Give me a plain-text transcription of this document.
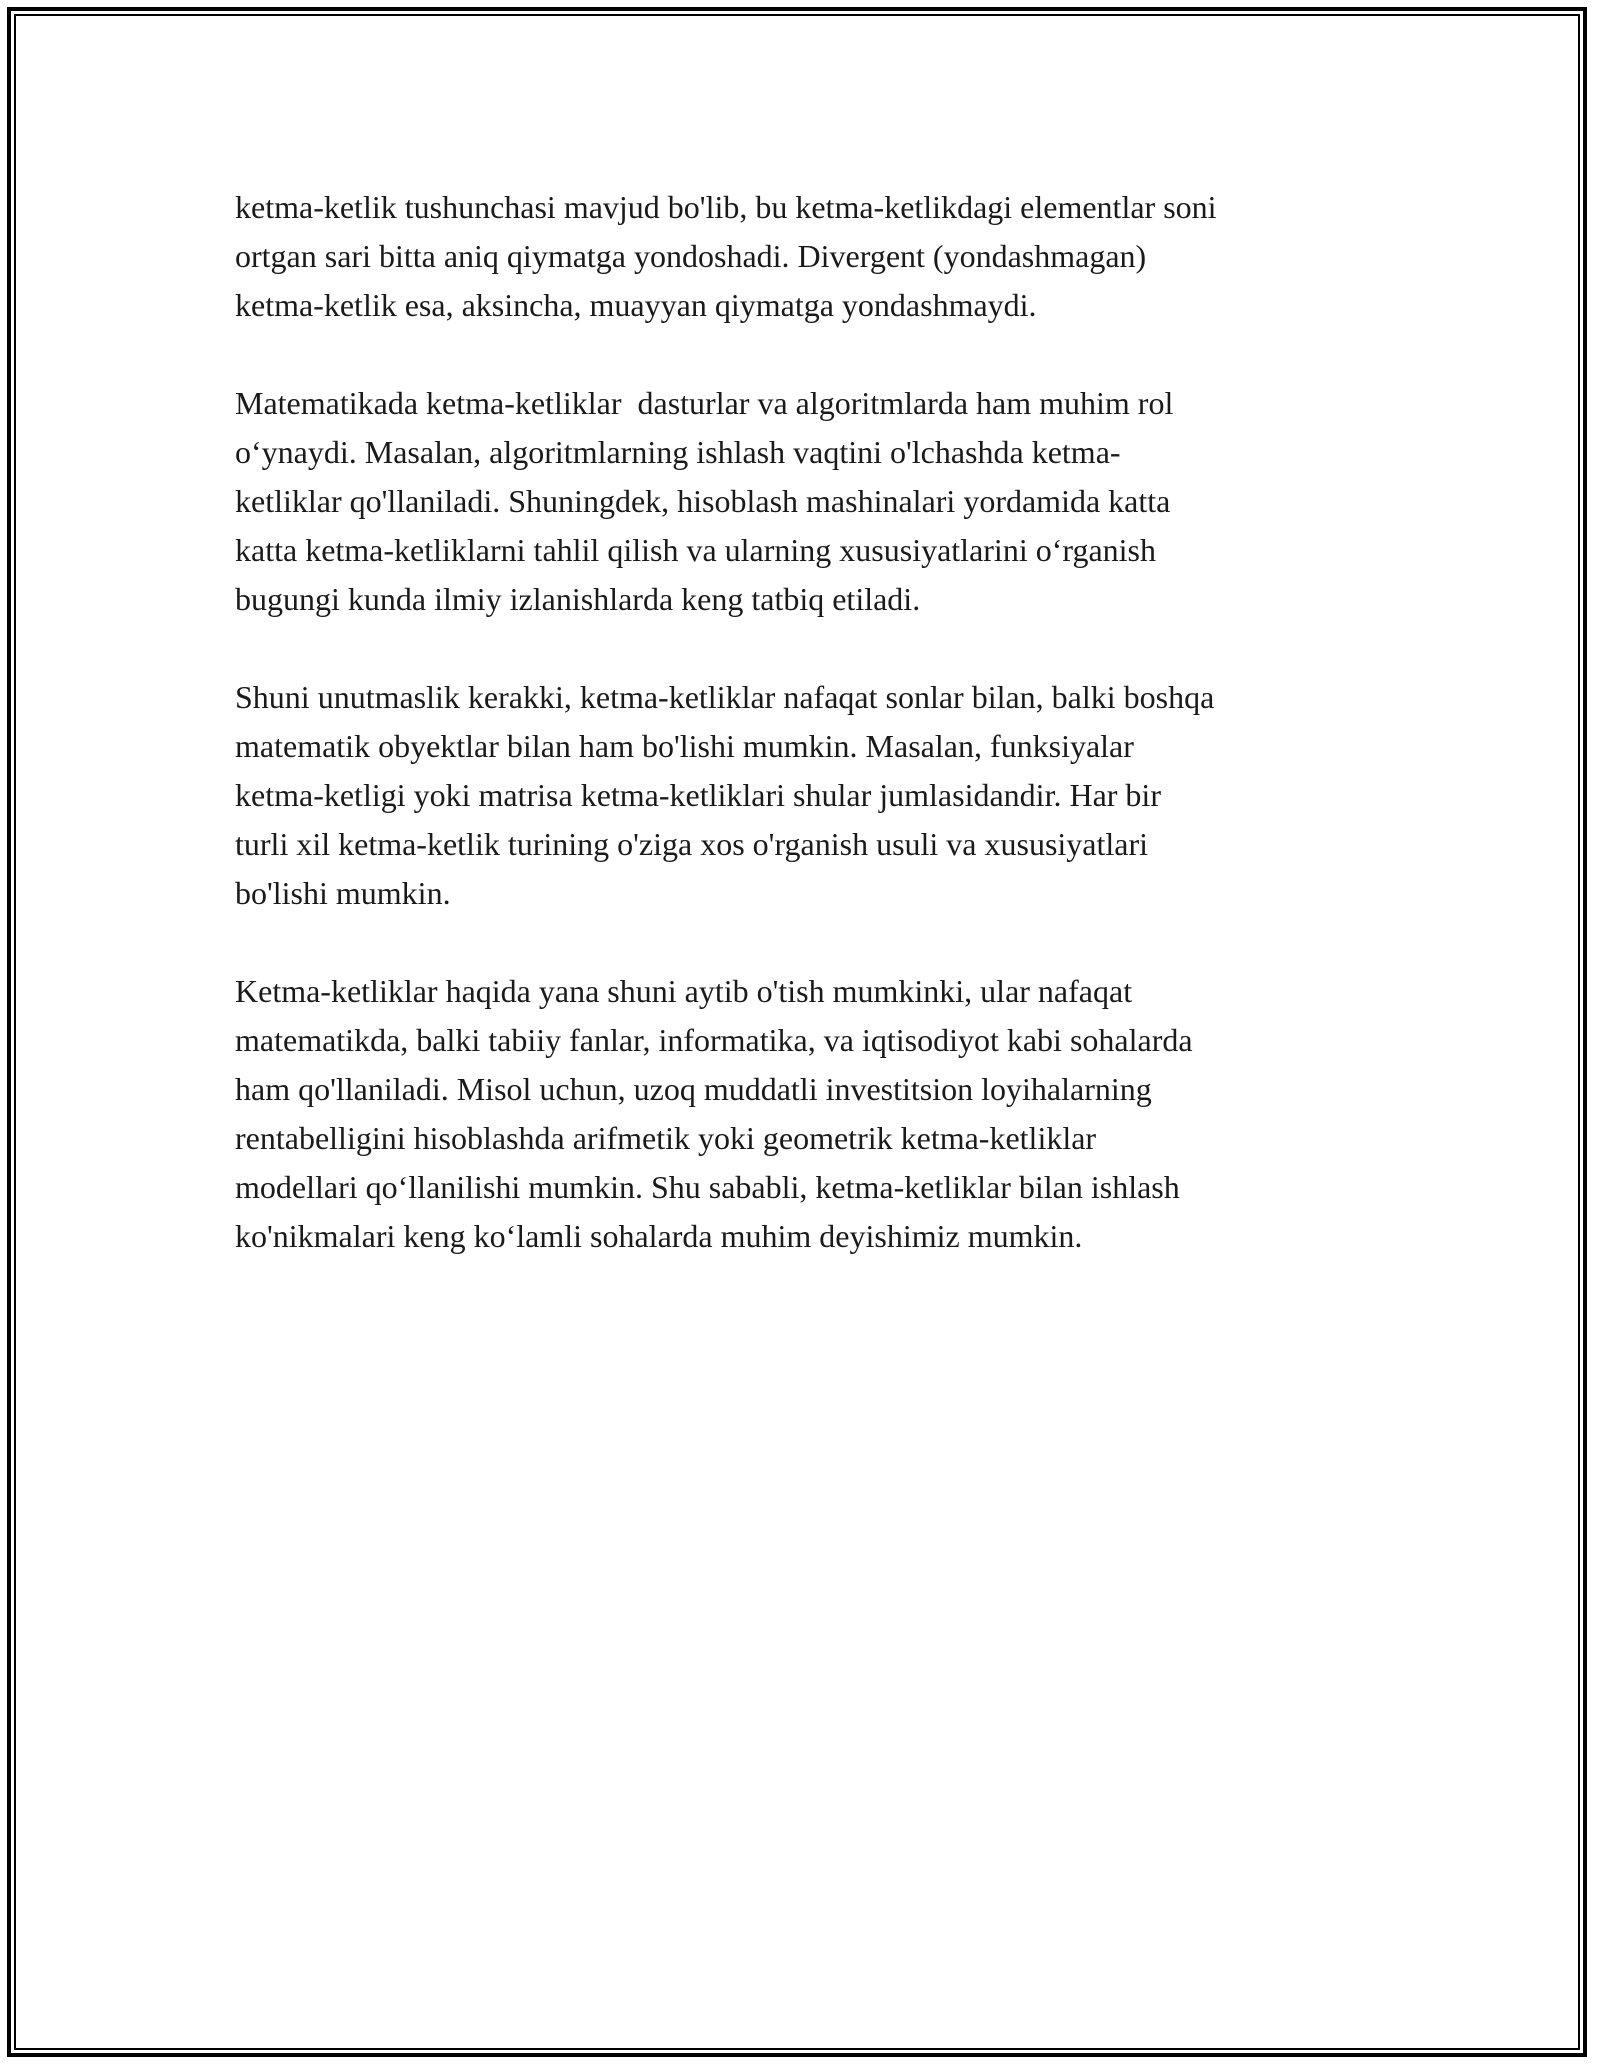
ketma-ketlik tushunchasi mavjud bo'lib, bu ketma-ketlikdagi elementlar soni
ortgan sari bitta aniq qiymatga yondoshadi. Divergent (yondashmagan)
ketma-ketlik esa, aksincha, muayyan qiymatga yondashmaydi.

Matematikada ketma-ketliklar  dasturlar va algoritmlarda ham muhim rol
o‘ynaydi. Masalan, algoritmlarning ishlash vaqtini o'lchashda ketma-
ketliklar qo'llaniladi. Shuningdek, hisoblash mashinalari yordamida katta
katta ketma-ketliklarni tahlil qilish va ularning xususiyatlarini o‘rganish
bugungi kunda ilmiy izlanishlarda keng tatbiq etiladi.

Shuni unutmaslik kerakki, ketma-ketliklar nafaqat sonlar bilan, balki boshqa
matematik obyektlar bilan ham bo'lishi mumkin. Masalan, funksiyalar
ketma-ketligi yoki matrisa ketma-ketliklari shular jumlasidandir. Har bir
turli xil ketma-ketlik turining o'ziga xos o'rganish usuli va xususiyatlari
bo'lishi mumkin.

Ketma-ketliklar haqida yana shuni aytib o'tish mumkinki, ular nafaqat
matematikda, balki tabiiy fanlar, informatika, va iqtisodiyot kabi sohalarda
ham qo'llaniladi. Misol uchun, uzoq muddatli investitsion loyihalarning
rentabelligini hisoblashda arifmetik yoki geometrik ketma-ketliklar
modellari qo‘llanilishi mumkin. Shu sababli, ketma-ketliklar bilan ishlash
ko'nikmalari keng ko‘lamli sohalarda muhim deyishimiz mumkin.
